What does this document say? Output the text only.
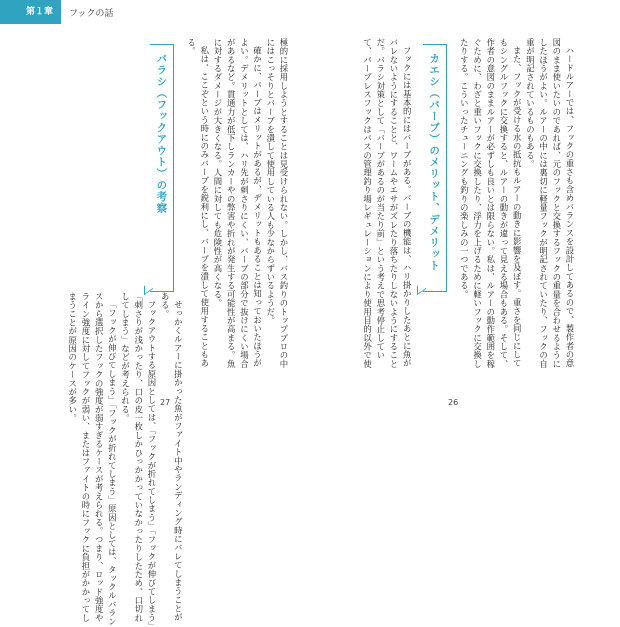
第１章	フックの話

ハードルアーでは、フックの重さも含めバランスを設計してあるので、製作者の意図のまま使いたいのであれば、元のフックと交換するフックの重量を合わせるようにしたほうがよい。ルアーの中には裏切に軽量フックが明記されていたり、フックの自重が明記されているものもある。

また、フックが受ける水の抵抗もルアーの動きに影響を及ぼす。重さを同じにしてもシングルフックに交換すると、ルアーの動きが違って見える場合もある。そして、作者の意図のままルアーが必ずしも良いとは限らない。私は、ルアーの動作範囲を稼ぐために、わざと重いフックに交換したり、浮力を上げるために軽いフックに交換したりする。こういったチューニングも釣りの楽しみの一つである。

カエシ（バーブ）のメリット、デメリット

フックには基本的にはバーブがある。バーブの機能は、ハリ掛かりしたあとに魚がバレないようにすることと、ワームやエサがズレたり落ちたりしないようにすることだ。バラシ対策として「バーブがあるのが当たり前」という考えで思考停止していて、バーブレスフックはバスの管理釣り場レギュレーションにより使用目的以外で使

極的に採用しようとすることは見受けられない。しかし、バス釣りのトッププロの中にはこっそりとバーブを潰して使用している人も少なからずいるようだ。

確かに、バーブはメリットがあるが、デメリットもあることは知っておいたほうがよい。デメリットとしては、ハリ先が刺さりにくい、バーブの部分で抜けにくい場合があるなど。貫通力が低下しランカーやの弊害や折れが発生する可能性が高まる。魚に対するダメージが大きくなる。人間に対しても危険性が高くなる。

私は、ここぞという時にのみバーブを鋭利にし、バーブを潰して使用することもある。

バラシ（フックアウト）の考察

せっかくルアーに掛かった魚がファイト中やランディング時にバレてしまうことがある。

フックアウトする原因としては、「フックが折れてしまう」「フックが伸びてしまう」「刺さりが浅かったり、口の皮一枚しかひっかかっていなかったりしたため、口切れしてしまう」などが考えられる。

「フックが伸びてしまう」「フックが折れてしまう」原因としては、タックルバランスから選択したフックの強度が弱すぎるケースが考えられる。つまり、ロッド強度やライン強度に対してフックが弱い、またはファイトの時にフックに負担がかかってしまうことが原因のケースが多い。	27	26
